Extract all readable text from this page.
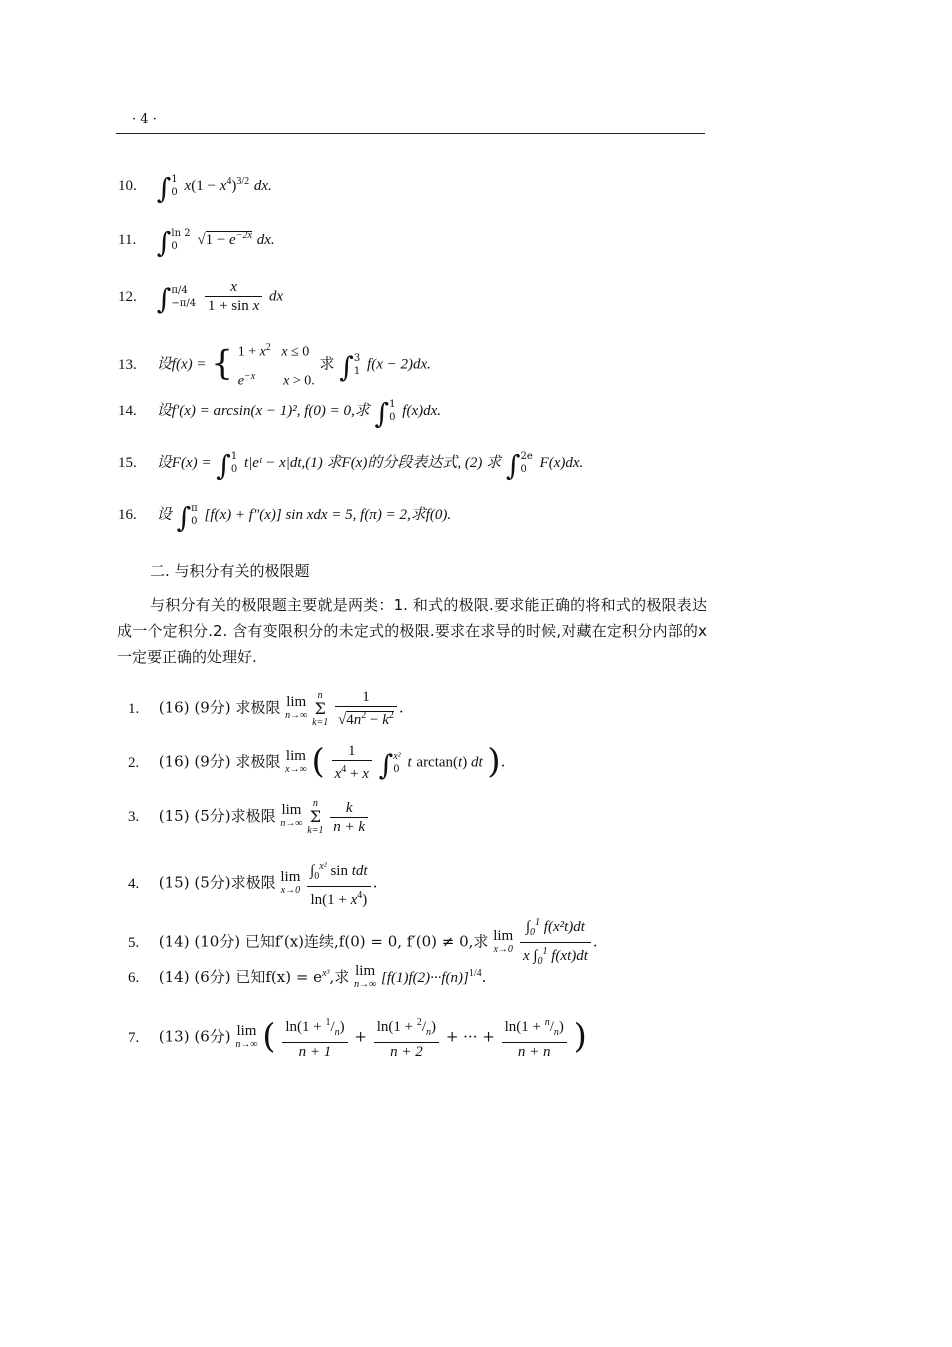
· 4 ·
10. ∫ 1
0 $x(1 - x^4)^{3/2}$ dx.
11. ∫ ln 2
0	$√1 - e^{-2x}$ dx.
12. ∫ π/4
−π/4
$\frac{x}{\text{1 + sin x}}$ dx
13. 设f(x) = { $1 + x^2$ x ≤ 0
$e^{-x}$ x > 0.
求 ∫ 3
1 f(x − 2)dx.
14. 设f′(x) = arcsin(x − 1)², f(0) = 0,求 ∫ 1
0 f(x)dx.
15. 设F(x) = ∫ 1
0 t|eᵗ − x|dt,(1) 求F(x)的分段表达式, (2) 求 ∫ 2e
0 F(x)dx.
16. 设 ∫ π
0 [f(x) + f″(x)] sin xdx = 5, f(π) = 2,求f(0).
二. 与积分有关的极限题
与积分有关的极限题主要就是两类：1. 和式的极限.要求能正确的将和式的极限表达成一个定积分.2. 含有变限积分的未定式的极限.要求在求导的时候,对藏在定积分内部的x一定要正确的处理好.
1. (16) (9分) 求极限 lim
n→∞
n
Σ
$k=1 \frac{1}{√4n^2 - k^2}$ .
2. (16) (9分) 求极限 lim
x→∞ ( $\frac{1}{x^4 + x}$ ∫ x²
0 t arctan(t) dt ).
3. (15) (5分)求极限 lim
n→∞
n
Σ
$k=1 \frac{k}{n + k}$
4. (15) (5分)求极限 lim
x→0
$\frac{\int_0^{x^2} \sin tdt}{\ln(1 + x^4)}$ .
5. (14) (10分) 已知f′(x)连续,f(0) = 0, f′(0) ≠ 0,求 lim
x→0
$\frac{\int_0^1 f(x^2t)dt}{x \int_0^1 f(xt)dt}$ .
6. (14) (6分) 已知$f(x) = e^{x^3}$,求 lim
n→∞ $[f(1)f(2)\cdot\cdot\cdot f(n)]^{1/4}$.
7. (13) (6分) lim
n→∞ ( $\frac{\ln(1 + ^1/_n)}{n + 1} + \frac{\ln(1 + ^2/_n)}{n + 2}$ + ··· + $\frac{\ln(1 + ^n/_n)}{n + n}$ )
